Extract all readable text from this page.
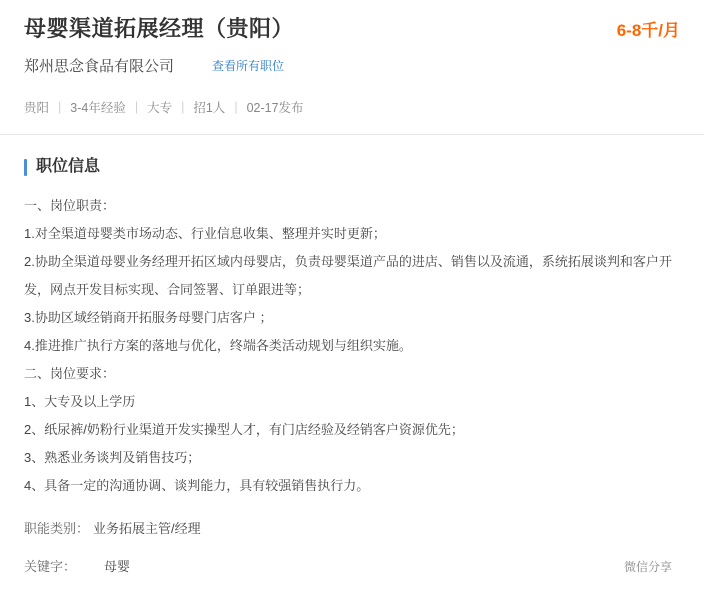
母婴渠道拓展经理（贵阳）	6-8千/月
郑州思念食品有限公司	查看所有职位
贵阳 | 3-4年经验 | 大专 | 招1人 | 02-17发布
职位信息

一、岗位职责：

1.对全渠道母婴类市场动态、行业信息收集、整理并实时更新；

2.协助全渠道母婴业务经理开拓区域内母婴店，负责母婴渠道产品的进店、销售以及流通，系统拓展谈判和客户开发，网点开发目标实现、合同签署、订单跟进等；

3.协助区域经销商开拓服务母婴门店客户 ；

4.推进推广执行方案的落地与优化，终端各类活动规划与组织实施。

二、岗位要求：

1、大专及以上学历

2、纸尿裤/奶粉行业渠道开发实操型人才，有门店经验及经销客户资源优先；

3、熟悉业务谈判及销售技巧；

4、具备一定的沟通协调、谈判能力，具有较强销售执行力。

职能类别： 业务拓展主管/经理
关键字： 母婴	微信分享
